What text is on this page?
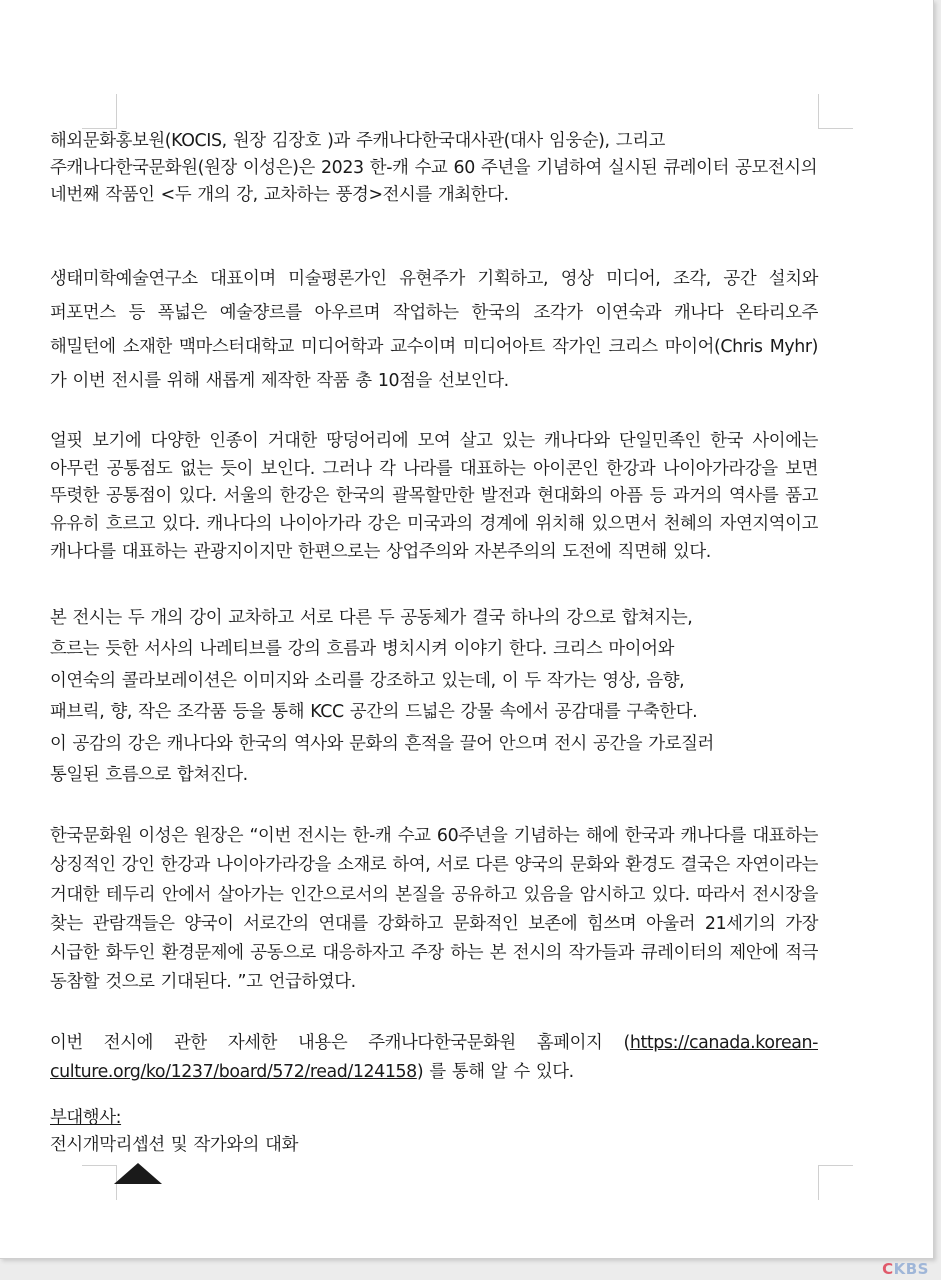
해외문화홍보원(KOCIS, 원장 김장호 )과 주캐나다한국대사관(대사 임웅순), 그리고 주캐나다한국문화원(원장 이성은)은 2023 한-캐 수교 60 주년을 기념하여 실시된 큐레이터 공모전시의 네번째 작품인 <두 개의 강, 교차하는 풍경>전시를 개최한다.

생태미학예술연구소 대표이며 미술평론가인 유현주가 기획하고, 영상 미디어, 조각, 공간 설치와 퍼포먼스 등 폭넓은 예술쟝르를 아우르며 작업하는 한국의 조각가 이연숙과 캐나다 온타리오주 해밀턴에 소재한 맥마스터대학교 미디어학과 교수이며 미디어아트 작가인 크리스 마이어(Chris Myhr)가 이번 전시를 위해 새롭게 제작한 작품 총 10점을 선보인다.

얼핏 보기에 다양한 인종이 거대한 땅덩어리에 모여 살고 있는 캐나다와 단일민족인 한국 사이에는 아무런 공통점도 없는 듯이 보인다. 그러나 각 나라를 대표하는 아이콘인 한강과 나이아가라강을 보면 뚜렷한 공통점이 있다. 서울의 한강은 한국의 괄목할만한 발전과 현대화의 아픔 등 과거의 역사를 품고 유유히 흐르고 있다. 캐나다의 나이아가라 강은 미국과의 경계에 위치해 있으면서 천혜의 자연지역이고 캐나다를 대표하는 관광지이지만 한편으로는 상업주의와 자본주의의 도전에 직면해 있다.

본 전시는 두 개의 강이 교차하고 서로 다른 두 공동체가 결국 하나의 강으로 합쳐지는,

흐르는 듯한 서사의 나레티브를 강의 흐름과 병치시켜 이야기 한다. 크리스 마이어와

이연숙의 콜라보레이션은 이미지와 소리를 강조하고 있는데, 이 두 작가는 영상, 음향,

패브릭, 향, 작은 조각품 등을 통해 KCC 공간의 드넓은 강물 속에서 공감대를 구축한다.

이 공감의 강은 캐나다와 한국의 역사와 문화의 흔적을 끌어 안으며 전시 공간을 가로질러

통일된 흐름으로 합쳐진다.

한국문화원 이성은 원장은 “이번 전시는 한-캐 수교 60주년을 기념하는 해에 한국과 캐나다를 대표하는 상징적인 강인 한강과 나이아가라강을 소재로 하여, 서로 다른 양국의 문화와 환경도 결국은 자연이라는 거대한 테두리 안에서 살아가는 인간으로서의 본질을 공유하고 있음을 암시하고 있다. 따라서 전시장을 찾는 관람객들은 양국이 서로간의 연대를 강화하고 문화적인 보존에 힘쓰며 아울러 21세기의 가장 시급한 화두인 환경문제에 공동으로 대응하자고 주장 하는 본 전시의 작가들과 큐레이터의 제안에 적극 동참할 것으로 기대된다. ”고 언급하였다.

이번 전시에 관한 자세한 내용은 주캐나다한국문화원 홈페이지 (https://canada.korean-culture.org/ko/1237/board/572/read/124158) 를 통해 알 수 있다.

부대행사:

전시개막리셉션 및 작가와의 대화

CKBS
